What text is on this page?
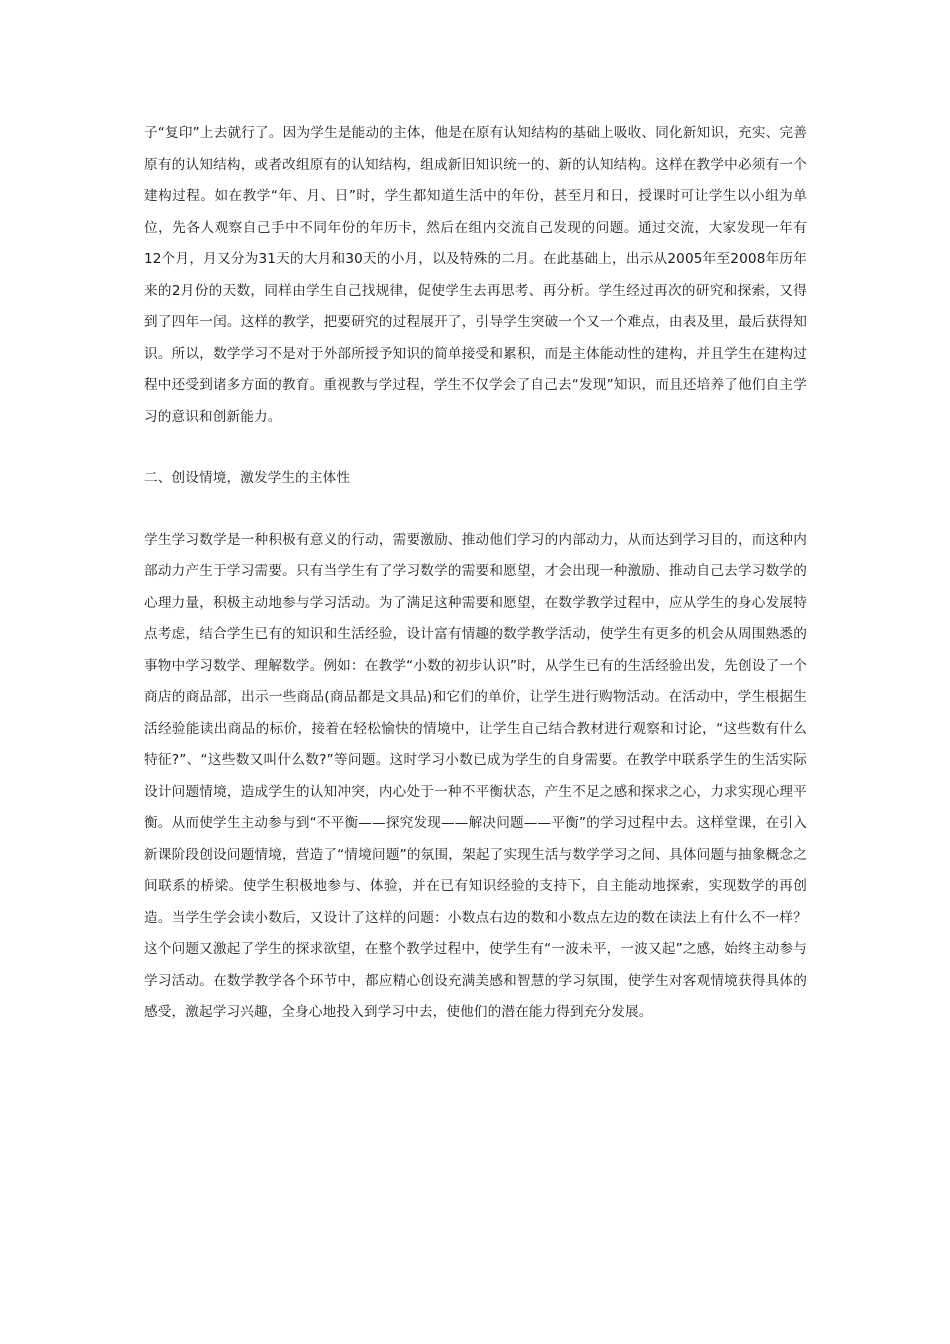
子“复印”上去就行了。因为学生是能动的主体，他是在原有认知结构的基础上吸收、同化新知识，充实、完善原有的认知结构，或者改组原有的认知结构，组成新旧知识统一的、新的认知结构。这样在教学中必须有一个建构过程。如在教学“年、月、日”时，学生都知道生活中的年份，甚至月和日，授课时可让学生以小组为单位，先各人观察自己手中不同年份的年历卡，然后在组内交流自己发现的问题。通过交流，大家发现一年有12个月，月又分为31天的大月和30天的小月，以及特殊的二月。在此基础上，出示从2005年至2008年历年来的2月份的天数，同样由学生自己找规律，促使学生去再思考、再分析。学生经过再次的研究和探索，又得到了四年一闰。这样的教学，把要研究的过程展开了，引导学生突破一个又一个难点，由表及里，最后获得知识。所以，数学学习不是对于外部所授予知识的简单接受和累积，而是主体能动性的建构，并且学生在建构过程中还受到诸多方面的教育。重视教与学过程，学生不仅学会了自己去“发现”知识，而且还培养了他们自主学习的意识和创新能力。

二、创设情境，激发学生的主体性

学生学习数学是一种积极有意义的行动，需要激励、推动他们学习的内部动力，从而达到学习目的，而这种内部动力产生于学习需要。只有当学生有了学习数学的需要和愿望，才会出现一种激励、推动自己去学习数学的心理力量，积极主动地参与学习活动。为了满足这种需要和愿望，在数学教学过程中，应从学生的身心发展特点考虑，结合学生已有的知识和生活经验，设计富有情趣的数学教学活动，使学生有更多的机会从周围熟悉的事物中学习数学、理解数学。例如：在教学“小数的初步认识”时，从学生已有的生活经验出发，先创设了一个商店的商品部，出示一些商品(商品都是文具品)和它们的单价，让学生进行购物活动。在活动中，学生根据生活经验能读出商品的标价，接着在轻松愉快的情境中，让学生自己结合教材进行观察和讨论，“这些数有什么特征?”、“这些数又叫什么数?”等问题。这时学习小数已成为学生的自身需要。在教学中联系学生的生活实际设计问题情境，造成学生的认知冲突，内心处于一种不平衡状态，产生不足之感和探求之心，力求实现心理平衡。从而使学生主动参与到“不平衡——探究发现——解决问题——平衡”的学习过程中去。这样堂课，在引入新课阶段创设问题情境，营造了“情境问题”的氛围，架起了实现生活与数学学习之间、具体问题与抽象概念之间联系的桥梁。使学生积极地参与、体验，并在已有知识经验的支持下，自主能动地探索，实现数学的再创造。当学生学会读小数后，又设计了这样的问题：小数点右边的数和小数点左边的数在读法上有什么不一样？这个问题又激起了学生的探求欲望，在整个教学过程中，使学生有“一波未平，一波又起”之感，始终主动参与学习活动。在数学教学各个环节中，都应精心创设充满美感和智慧的学习氛围，使学生对客观情境获得具体的感受，激起学习兴趣，全身心地投入到学习中去，使他们的潜在能力得到充分发展。
